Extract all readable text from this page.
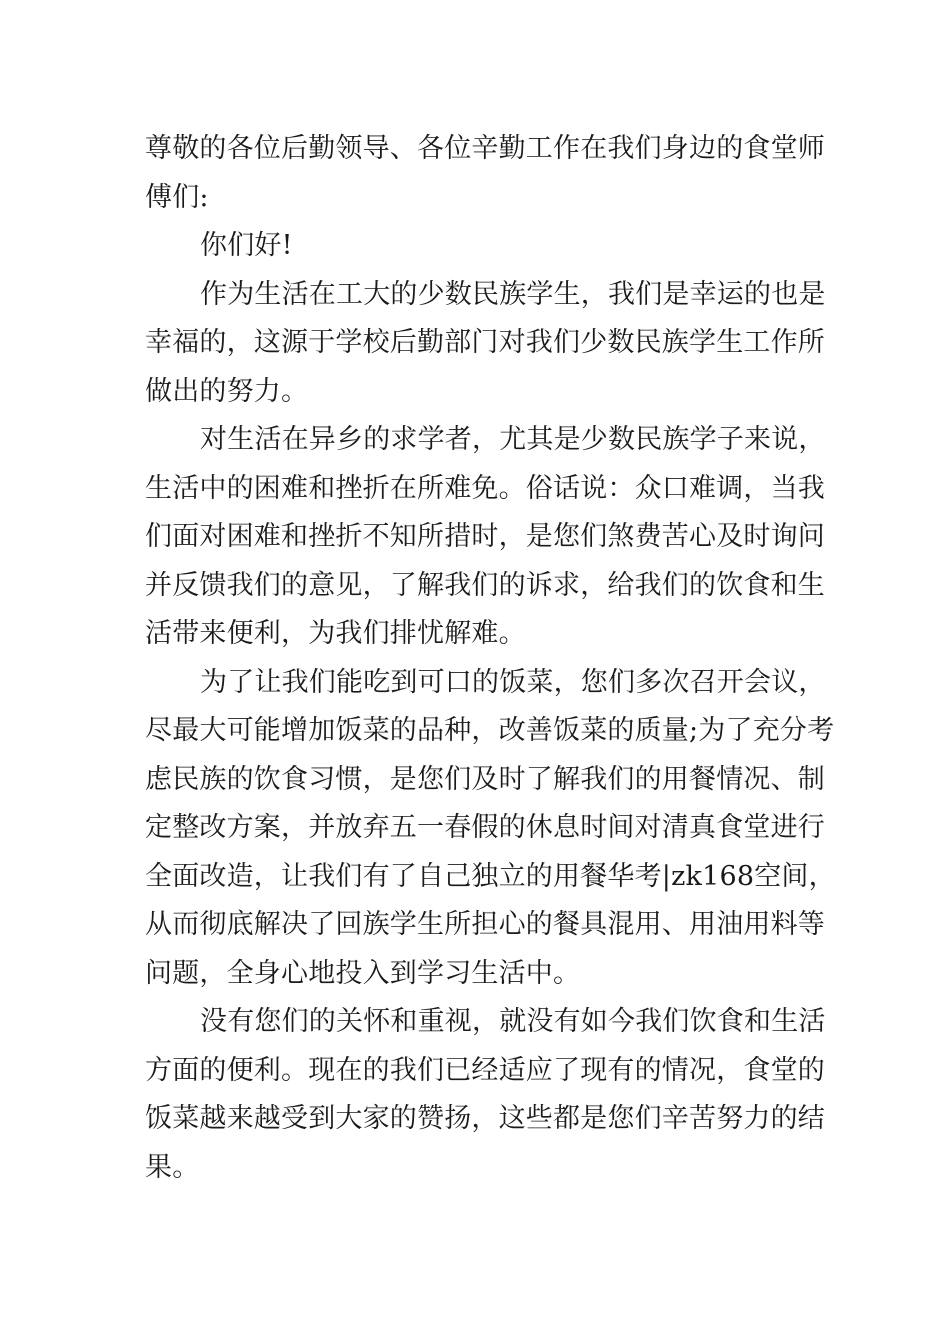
尊敬的各位后勤领导、各位辛勤工作在我们身边的食堂师
傅们:
你们好!
作为生活在工大的少数民族学生，我们是幸运的也是
幸福的，这源于学校后勤部门对我们少数民族学生工作所
做出的努力。
对生活在异乡的求学者，尤其是少数民族学子来说，
生活中的困难和挫折在所难免。俗话说：众口难调，当我
们面对困难和挫折不知所措时，是您们煞费苦心及时询问
并反馈我们的意见，了解我们的诉求，给我们的饮食和生
活带来便利，为我们排忧解难。
为了让我们能吃到可口的饭菜，您们多次召开会议，
尽最大可能增加饭菜的品种，改善饭菜的质量;为了充分考
虑民族的饮食习惯，是您们及时了解我们的用餐情况、制
定整改方案，并放弃五一春假的休息时间对清真食堂进行
全面改造，让我们有了自己独立的用餐华考|zk168空间，
从而彻底解决了回族学生所担心的餐具混用、用油用料等
问题，全身心地投入到学习生活中。
没有您们的关怀和重视，就没有如今我们饮食和生活
方面的便利。现在的我们已经适应了现有的情况，食堂的
饭菜越来越受到大家的赞扬，这些都是您们辛苦努力的结
果。
